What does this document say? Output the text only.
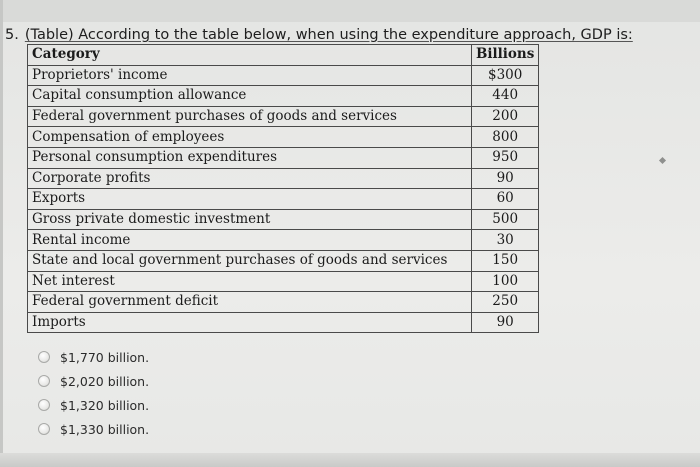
5. (Table) According to the table below, when using the expenditure approach, GDP is:
Category	Billions
Proprietors' income	$300
Capital consumption allowance	440
Federal government purchases of goods and services	200
Compensation of employees	800
Personal consumption expenditures	950
Corporate profits	90
Exports	60
Gross private domestic investment	500
Rental income	30
State and local government purchases of goods and services	150
Net interest	100
Federal government deficit	250
Imports	90
$1,770 billion.
$2,020 billion.
$1,320 billion.
$1,330 billion.
